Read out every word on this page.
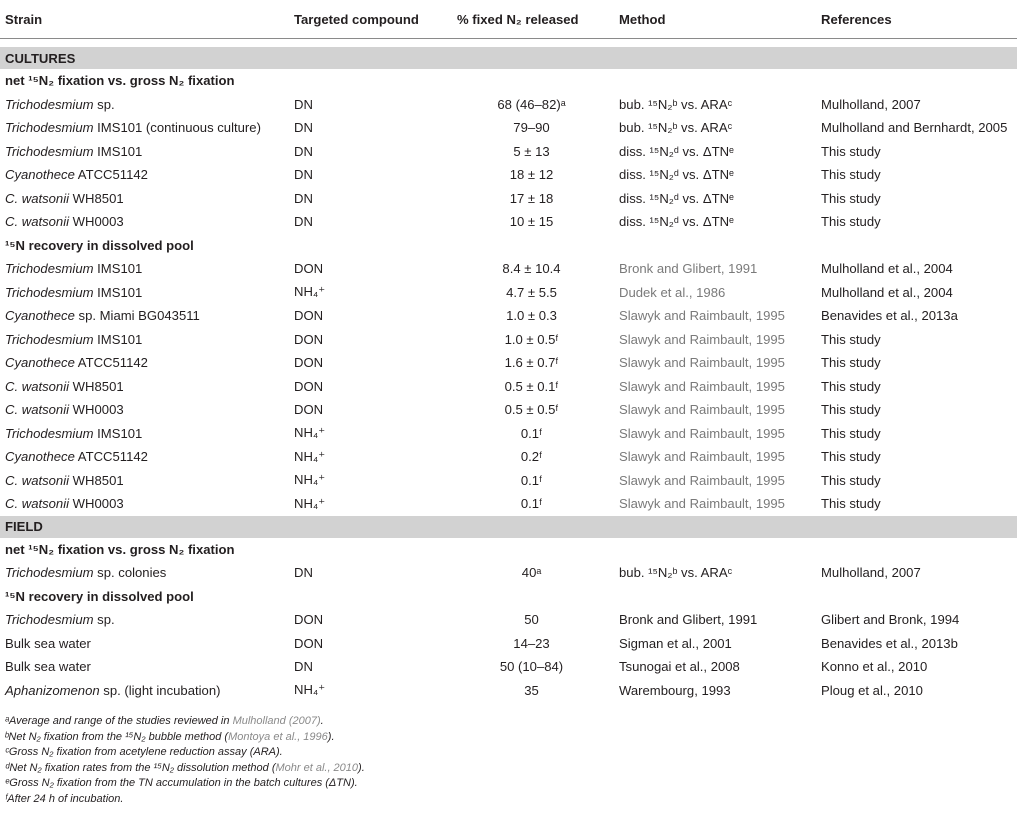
Strain	Targeted compound	% fixed N₂ released	Method	References

CULTURES				
net ¹⁵N₂ fixation vs. gross N₂ fixation				
Trichodesmium sp.	DN	68 (46–82)ᵃ	bub. ¹⁵N₂ᵇ vs. ARAᶜ	Mulholland, 2007
Trichodesmium IMS101 (continuous culture)	DN	79–90	bub. ¹⁵N₂ᵇ vs. ARAᶜ	Mulholland and Bernhardt, 2005
Trichodesmium IMS101	DN	5 ± 13	diss. ¹⁵N₂ᵈ vs. ΔTNᵉ	This study
Cyanothece ATCC51142	DN	18 ± 12	diss. ¹⁵N₂ᵈ vs. ΔTNᵉ	This study
C. watsonii WH8501	DN	17 ± 18	diss. ¹⁵N₂ᵈ vs. ΔTNᵉ	This study
C. watsonii WH0003	DN	10 ± 15	diss. ¹⁵N₂ᵈ vs. ΔTNᵉ	This study
¹⁵N recovery in dissolved pool				
Trichodesmium IMS101	DON	8.4 ± 10.4	Bronk and Glibert, 1991	Mulholland et al., 2004
Trichodesmium IMS101	NH₄⁺	4.7 ± 5.5	Dudek et al., 1986	Mulholland et al., 2004
Cyanothece sp. Miami BG043511	DON	1.0 ± 0.3	Slawyk and Raimbault, 1995	Benavides et al., 2013a
Trichodesmium IMS101	DON	1.0 ± 0.5ᶠ	Slawyk and Raimbault, 1995	This study
Cyanothece ATCC51142	DON	1.6 ± 0.7ᶠ	Slawyk and Raimbault, 1995	This study
C. watsonii WH8501	DON	0.5 ± 0.1ᶠ	Slawyk and Raimbault, 1995	This study
C. watsonii WH0003	DON	0.5 ± 0.5ᶠ	Slawyk and Raimbault, 1995	This study
Trichodesmium IMS101	NH₄⁺	0.1ᶠ	Slawyk and Raimbault, 1995	This study
Cyanothece ATCC51142	NH₄⁺	0.2ᶠ	Slawyk and Raimbault, 1995	This study
C. watsonii WH8501	NH₄⁺	0.1ᶠ	Slawyk and Raimbault, 1995	This study
C. watsonii WH0003	NH₄⁺	0.1ᶠ	Slawyk and Raimbault, 1995	This study
FIELD				
net ¹⁵N₂ fixation vs. gross N₂ fixation				
Trichodesmium sp. colonies	DN	40ᵃ	bub. ¹⁵N₂ᵇ vs. ARAᶜ	Mulholland, 2007
¹⁵N recovery in dissolved pool				
Trichodesmium sp.	DON	50	Bronk and Glibert, 1991	Glibert and Bronk, 1994
Bulk sea water	DON	14–23	Sigman et al., 2001	Benavides et al., 2013b
Bulk sea water	DN	50 (10–84)	Tsunogai et al., 2008	Konno et al., 2010
Aphanizomenon sp. (light incubation)	NH₄⁺	35	Warembourg, 1993	Ploug et al., 2010
ᵃAverage and range of the studies reviewed in Mulholland (2007).
ᵇNet N₂ fixation from the ¹⁵N₂ bubble method (Montoya et al., 1996).
ᶜGross N₂ fixation from acetylene reduction assay (ARA).
ᵈNet N₂ fixation rates from the ¹⁵N₂ dissolution method (Mohr et al., 2010).
ᵉGross N₂ fixation from the TN accumulation in the batch cultures (ΔTN).
ᶠAfter 24 h of incubation.
